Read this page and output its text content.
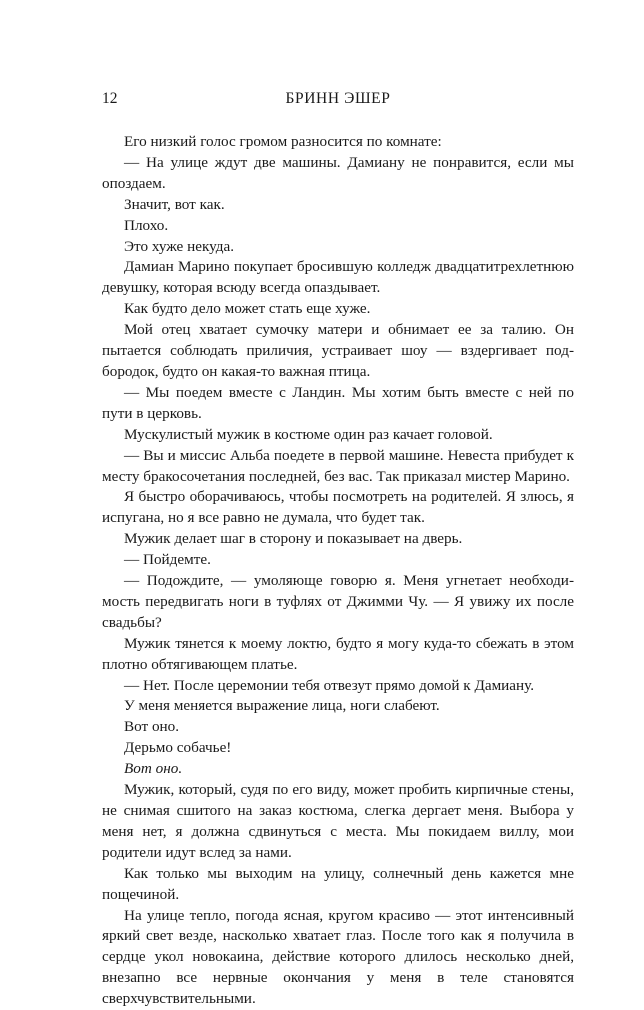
12	БРИНН ЭШЕР

Его низкий голос громом разносится по комнате:

— На улице ждут две машины. Дамиану не понравится, если мы опоздаем.

Значит, вот как.

Плохо.

Это хуже некуда.

Дамиан Марино покупает бросившую колледж двадцатитрехлетнюю девушку, которая всюду всегда опаздывает.

Как будто дело может стать еще хуже.

Мой отец хватает сумочку матери и обнимает ее за талию. Он пытается соблюдать приличия, устраивает шоу — вздергивает подбородок, будто он какая-то важная птица.

— Мы поедем вместе с Ландин. Мы хотим быть вместе с ней по пути в церковь.

Мускулистый мужик в костюме один раз качает головой.

— Вы и миссис Альба поедете в первой машине. Невеста прибудет к месту бракосочетания последней, без вас. Так приказал мистер Марино.

Я быстро оборачиваюсь, чтобы посмотреть на родителей. Я злюсь, я испугана, но я все равно не думала, что будет так.

Мужик делает шаг в сторону и показывает на дверь.

— Пойдемте.

— Подождите, — умоляюще говорю я. Меня угнетает необходимость передвигать ноги в туфлях от Джимми Чу. — Я увижу их после свадьбы?

Мужик тянется к моему локтю, будто я могу куда-то сбежать в этом плотно обтягивающем платье.

— Нет. После церемонии тебя отвезут прямо домой к Дамиану.

У меня меняется выражение лица, ноги слабеют.

Вот оно.

Дерьмо собачье!

Вот оно.

Мужик, который, судя по его виду, может пробить кирпичные стены, не снимая сшитого на заказ костюма, слегка дергает меня. Выбора у меня нет, я должна сдвинуться с места. Мы покидаем виллу, мои родители идут вслед за нами.

Как только мы выходим на улицу, солнечный день кажется мне пощечиной.

На улице тепло, погода ясная, кругом красиво — этот интенсивный яркий свет везде, насколько хватает глаз. После того как я получила в сердце укол новокаина, действие которого длилось несколько дней, внезапно все нервные окончания у меня в теле становятся сверхчувствительными.
